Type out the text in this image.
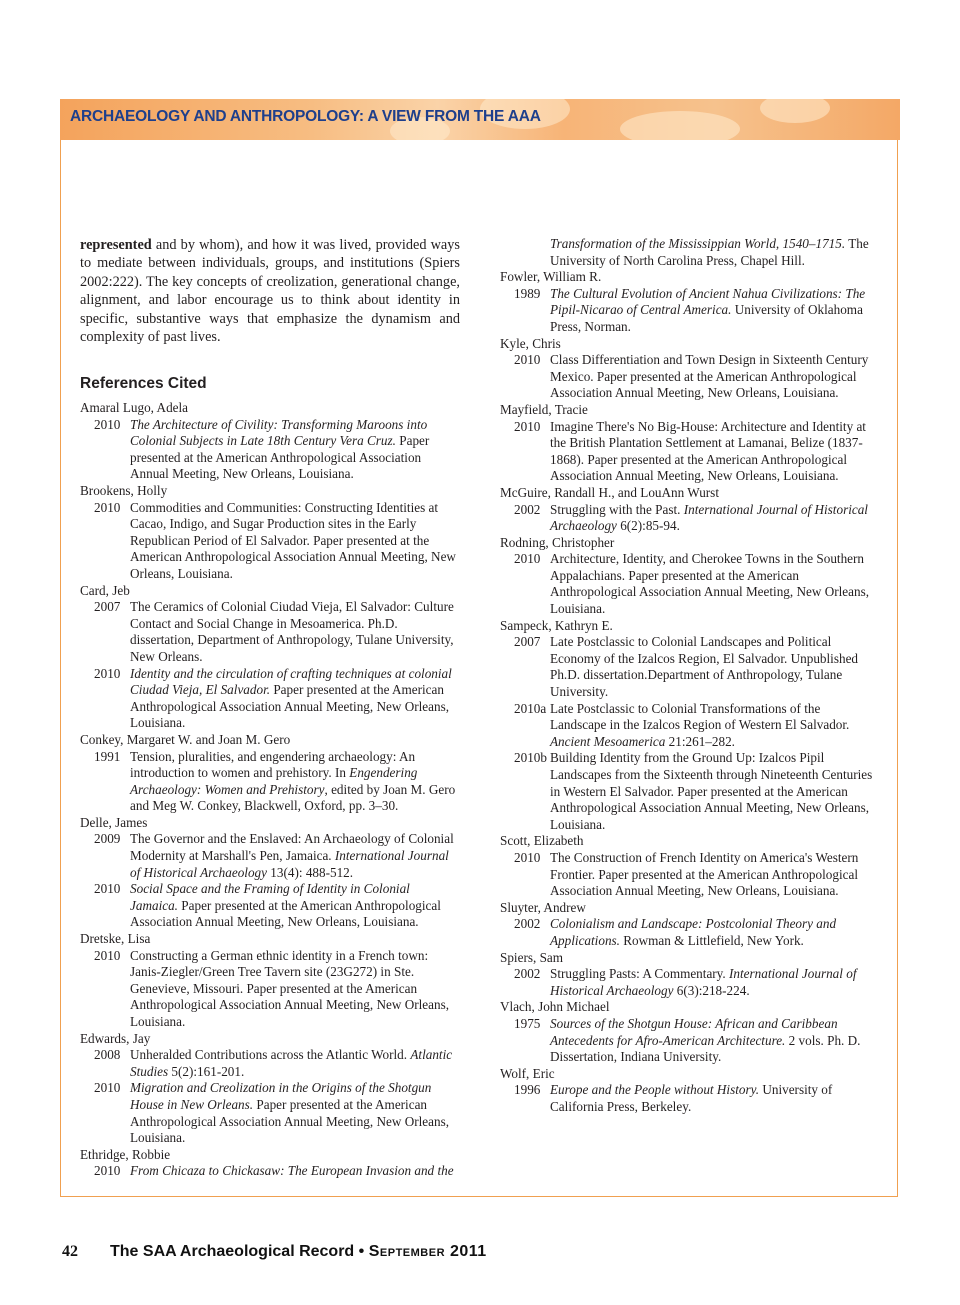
ARCHAEOLOGY AND ANTHROPOLOGY: A VIEW FROM THE AAA

represented and by whom), and how it was lived, provided ways to mediate between individuals, groups, and institutions (Spiers 2002:222). The key concepts of creolization, generational change, alignment, and labor encourage us to think about identity in specific, substantive ways that emphasize the dynamism and complexity of past lives.

References Cited
Amaral Lugo, Adela
2010 The Architecture of Civility: Transforming Maroons into Colonial Subjects in Late 18th Century Vera Cruz. Paper presented at the American Anthropological Association Annual Meeting, New Orleans, Louisiana.
Brookens, Holly
2010 Commodities and Communities: Constructing Identities at Cacao, Indigo, and Sugar Production sites in the Early Republican Period of El Salvador. Paper presented at the American Anthropological Association Annual Meeting, New Orleans, Louisiana.
Card, Jeb
2007 The Ceramics of Colonial Ciudad Vieja, El Salvador: Culture Contact and Social Change in Mesoamerica. Ph.D. dissertation, Department of Anthropology, Tulane University, New Orleans.
2010 Identity and the circulation of crafting techniques at colonial Ciudad Vieja, El Salvador. Paper presented at the American Anthropological Association Annual Meeting, New Orleans, Louisiana.
Conkey, Margaret W. and Joan M. Gero
1991 Tension, pluralities, and engendering archaeology: An introduction to women and prehistory. In Engendering Archaeology: Women and Prehistory, edited by Joan M. Gero and Meg W. Conkey, Blackwell, Oxford, pp. 3–30.
Delle, James
2009 The Governor and the Enslaved: An Archaeology of Colonial Modernity at Marshall's Pen, Jamaica. International Journal of Historical Archaeology 13(4): 488-512.
2010 Social Space and the Framing of Identity in Colonial Jamaica. Paper presented at the American Anthropological Association Annual Meeting, New Orleans, Louisiana.
Dretske, Lisa
2010 Constructing a German ethnic identity in a French town: Janis-Ziegler/Green Tree Tavern site (23G272) in Ste. Genevieve, Missouri. Paper presented at the American Anthropological Association Annual Meeting, New Orleans, Louisiana.
Edwards, Jay
2008 Unheralded Contributions across the Atlantic World. Atlantic Studies 5(2):161-201.
2010 Migration and Creolization in the Origins of the Shotgun House in New Orleans. Paper presented at the American Anthropological Association Annual Meeting, New Orleans, Louisiana.
Ethridge, Robbie
2010 From Chicaza to Chickasaw: The European Invasion and the
Transformation of the Mississippian World, 1540–1715. The University of North Carolina Press, Chapel Hill.
Fowler, William R.
1989 The Cultural Evolution of Ancient Nahua Civilizations: The Pipil-Nicarao of Central America. University of Oklahoma Press, Norman.
Kyle, Chris
2010 Class Differentiation and Town Design in Sixteenth Century Mexico. Paper presented at the American Anthropological Association Annual Meeting, New Orleans, Louisiana.
Mayfield, Tracie
2010 Imagine There's No Big-House: Architecture and Identity at the British Plantation Settlement at Lamanai, Belize (1837-1868). Paper presented at the American Anthropological Association Annual Meeting, New Orleans, Louisiana.
McGuire, Randall H., and LouAnn Wurst
2002 Struggling with the Past. International Journal of Historical Archaeology 6(2):85-94.
Rodning, Christopher
2010 Architecture, Identity, and Cherokee Towns in the Southern Appalachians. Paper presented at the American Anthropological Association Annual Meeting, New Orleans, Louisiana.
Sampeck, Kathryn E.
2007 Late Postclassic to Colonial Landscapes and Political Economy of the Izalcos Region, El Salvador. Unpublished Ph.D. dissertation.Department of Anthropology, Tulane University.
2010a Late Postclassic to Colonial Transformations of the Landscape in the Izalcos Region of Western El Salvador. Ancient Mesoamerica 21:261–282.
2010b Building Identity from the Ground Up: Izalcos Pipil Landscapes from the Sixteenth through Nineteenth Centuries in Western El Salvador. Paper presented at the American Anthropological Association Annual Meeting, New Orleans, Louisiana.
Scott, Elizabeth
2010 The Construction of French Identity on America's Western Frontier. Paper presented at the American Anthropological Association Annual Meeting, New Orleans, Louisiana.
Sluyter, Andrew
2002 Colonialism and Landscape: Postcolonial Theory and Applications. Rowman & Littlefield, New York.
Spiers, Sam
2002 Struggling Pasts: A Commentary. International Journal of Historical Archaeology 6(3):218-224.
Vlach, John Michael
1975 Sources of the Shotgun House: African and Caribbean Antecedents for Afro-American Architecture. 2 vols. Ph. D. Dissertation, Indiana University.
Wolf, Eric
1996 Europe and the People without History. University of California Press, Berkeley.
42 The SAA Archaeological Record • September 2011
